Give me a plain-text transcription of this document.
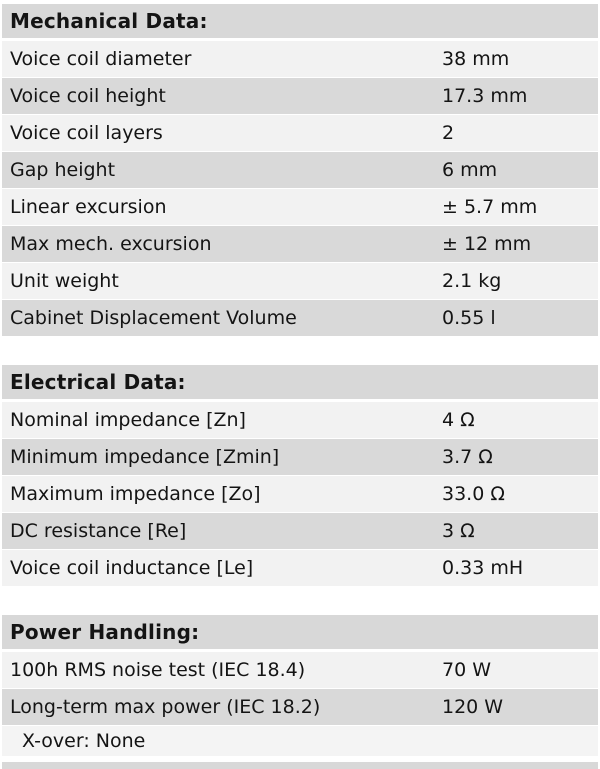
Mechanical Data:
Voice coil diameter	38 mm
Voice coil height	17.3 mm
Voice coil layers	2
Gap height	6 mm
Linear excursion	± 5.7 mm
Max mech. excursion	± 12 mm
Unit weight	2.1 kg
Cabinet Displacement Volume	0.55 l
Electrical Data:
Nominal impedance [Zn]	4 Ω
Minimum impedance [Zmin]	3.7 Ω
Maximum impedance [Zo]	33.0 Ω
DC resistance [Re]	3 Ω
Voice coil inductance [Le]	0.33 mH
Power Handling:
100h RMS noise test (IEC 18.4)	70 W
Long-term max power (IEC 18.2)	120 W
X-over: None
